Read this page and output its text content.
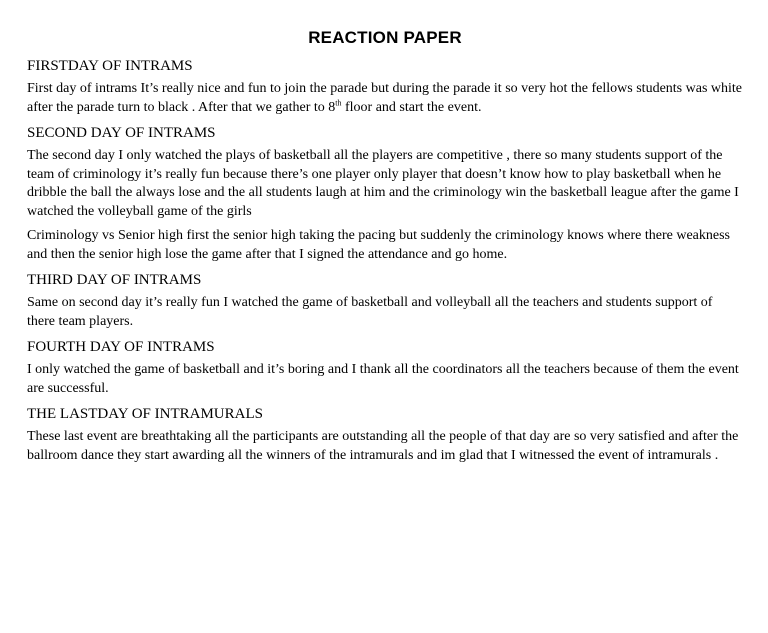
REACTION PAPER
FIRSTDAY OF INTRAMS

First day of intrams It’s really nice and fun to join the parade but during the parade it so very hot the fellows students was white after the parade turn to black . After that we gather to 8th floor and start the event.

SECOND DAY OF INTRAMS

The second day I only watched the plays of basketball all the players are competitive , there so many students support of the team of criminology it’s really fun because there’s one player only player that doesn’t know how to play basketball when he dribble the ball the always lose and the all students laugh at him and the criminology win the basketball league after the game I watched the volleyball game of the girls

Criminology vs Senior high first the senior high taking the pacing but suddenly the criminology knows where there weakness and then the senior high lose the game after that I signed the attendance and go home.

THIRD DAY OF INTRAMS

Same on second day it’s really fun I watched the game of basketball and volleyball all the teachers and students support of there team players.

FOURTH DAY OF INTRAMS

I only watched the game of basketball and it’s boring and I thank all the coordinators all the teachers because of them the event are successful.

THE LASTDAY OF INTRAMURALS

These last event are breathtaking all the participants are outstanding all the people of that day are so very satisfied and after the ballroom dance they start awarding all the winners of the intramurals and im glad that I witnessed the event of intramurals .
